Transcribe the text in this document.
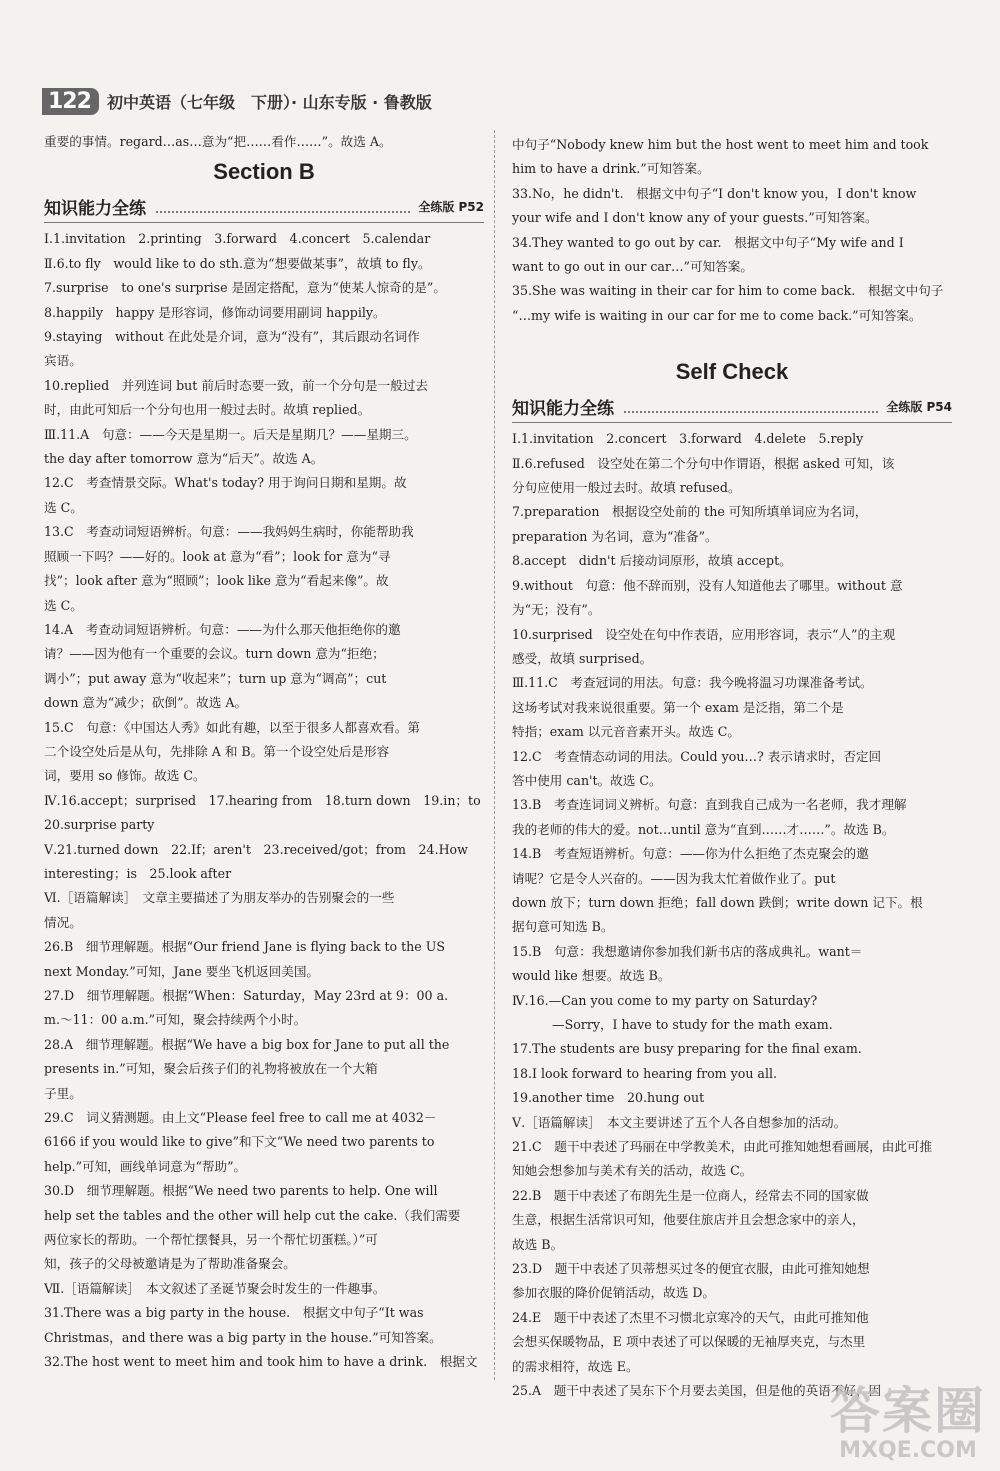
122	初中英语（七年级　下册）· 山东专版 · 鲁教版
重要的事情。regard…as…意为“把……看作……”。故选 A。
Section B
知识能力全练	全练版 P52
Ⅰ.1.invitation　2.printing　3.forward　4.concert　5.calendar
Ⅱ.6.to fly　would like to do sth.意为“想要做某事”，故填 to fly。
7.surprise　to one's surprise 是固定搭配，意为“使某人惊奇的是”。
8.happily　happy 是形容词，修饰动词要用副词 happily。
9.staying　without 在此处是介词，意为“没有”，其后跟动名词作
宾语。
10.replied　并列连词 but 前后时态要一致，前一个分句是一般过去
时，由此可知后一个分句也用一般过去时。故填 replied。
Ⅲ.11.A　句意：——今天是星期一。后天是星期几？——星期三。
the day after tomorrow 意为“后天”。故选 A。
12.C　考查情景交际。What's today? 用于询问日期和星期。故
选 C。
13.C　考查动词短语辨析。句意：——我妈妈生病时，你能帮助我
照顾一下吗？——好的。look at 意为“看”；look for 意为“寻
找”；look after 意为“照顾”；look like 意为“看起来像”。故
选 C。
14.A　考查动词短语辨析。句意：——为什么那天他拒绝你的邀
请？——因为他有一个重要的会议。turn down 意为“拒绝；
调小”；put away 意为“收起来”；turn up 意为“调高”；cut
down 意为“减少；砍倒”。故选 A。
15.C　句意：《中国达人秀》如此有趣，以至于很多人都喜欢看。第
二个设空处后是从句，先排除 A 和 B。第一个设空处后是形容
词，要用 so 修饰。故选 C。
Ⅳ.16.accept；surprised　17.hearing from　18.turn down　19.in；to
20.surprise party
Ⅴ.21.turned down　22.If；aren't　23.received/got；from　24.How
interesting；is　25.look after
Ⅵ.［语篇解读］　文章主要描述了为朋友举办的告别聚会的一些
情况。
26.B　细节理解题。根据“Our friend Jane is flying back to the US
next Monday.”可知，Jane 要坐飞机返回美国。
27.D　细节理解题。根据“When：Saturday，May 23rd at 9：00 a.
m.～11：00 a.m.”可知，聚会持续两个小时。
28.A　细节理解题。根据“We have a big box for Jane to put all the
presents in.”可知，聚会后孩子们的礼物将被放在一个大箱
子里。
29.C　词义猜测题。由上文“Please feel free to call me at 4032－
6166 if you would like to give”和下文“We need two parents to
help.”可知，画线单词意为“帮助”。
30.D　细节理解题。根据“We need two parents to help. One will
help set the tables and the other will help cut the cake.（我们需要
两位家长的帮助。一个帮忙摆餐具，另一个帮忙切蛋糕。）”可
知，孩子的父母被邀请是为了帮助准备聚会。
Ⅶ.［语篇解读］　本文叙述了圣诞节聚会时发生的一件趣事。
31.There was a big party in the house.　根据文中句子“It was
Christmas，and there was a big party in the house.”可知答案。
32.The host went to meet him and took him to have a drink.　根据文
中句子“Nobody knew him but the host went to meet him and took
him to have a drink.”可知答案。
33.No，he didn't.　根据文中句子“I don't know you，I don't know
your wife and I don't know any of your guests.”可知答案。
34.They wanted to go out by car.　根据文中句子“My wife and I
want to go out in our car…”可知答案。
35.She was waiting in their car for him to come back.　根据文中句子
“…my wife is waiting in our car for me to come back.”可知答案。
Self Check
知识能力全练	全练版 P54
Ⅰ.1.invitation　2.concert　3.forward　4.delete　5.reply
Ⅱ.6.refused　设空处在第二个分句中作谓语，根据 asked 可知，该
分句应使用一般过去时。故填 refused。
7.preparation　根据设空处前的 the 可知所填单词应为名词，
preparation 为名词，意为“准备”。
8.accept　didn't 后接动词原形，故填 accept。
9.without　句意：他不辞而别，没有人知道他去了哪里。without 意
为“无；没有”。
10.surprised　设空处在句中作表语，应用形容词，表示“人”的主观
感受，故填 surprised。
Ⅲ.11.C　考查冠词的用法。句意：我今晚将温习功课准备考试。
这场考试对我来说很重要。第一个 exam 是泛指，第二个是
特指；exam 以元音音素开头。故选 C。
12.C　考查情态动词的用法。Could you…? 表示请求时，否定回
答中使用 can't。故选 C。
13.B　考查连词词义辨析。句意：直到我自己成为一名老师，我才理解
我的老师的伟大的爱。not…until 意为“直到……才……”。故选 B。
14.B　考查短语辨析。句意：——你为什么拒绝了杰克聚会的邀
请呢？它是令人兴奋的。——因为我太忙着做作业了。put
down 放下；turn down 拒绝；fall down 跌倒；write down 记下。根
据句意可知选 B。
15.B　句意：我想邀请你参加我们新书店的落成典礼。want＝
would like 想要。故选 B。
Ⅳ.16.—Can you come to my party on Saturday?
—Sorry，I have to study for the math exam.
17.The students are busy preparing for the final exam.
18.I look forward to hearing from you all.
19.another time　20.hung out
Ⅴ.［语篇解读］　本文主要讲述了五个人各自想参加的活动。
21.C　题干中表述了玛丽在中学教美术，由此可推知她想看画展，由此可推
知她会想参加与美术有关的活动，故选 C。
22.B　题干中表述了布朗先生是一位商人，经常去不同的国家做
生意，根据生活常识可知，他要住旅店并且会想念家中的亲人，
故选 B。
23.D　题干中表述了贝蒂想买过冬的便宜衣服，由此可推知她想
参加衣服的降价促销活动，故选 D。
24.E　题干中表述了杰里不习惯北京寒冷的天气，由此可推知他
会想买保暖物品，E 项中表述了可以保暖的无袖厚夹克，与杰里
的需求相符，故选 E。
25.A　题干中表述了吴东下个月要去美国，但是他的英语不好，因
答案圈
MXQE.COM
